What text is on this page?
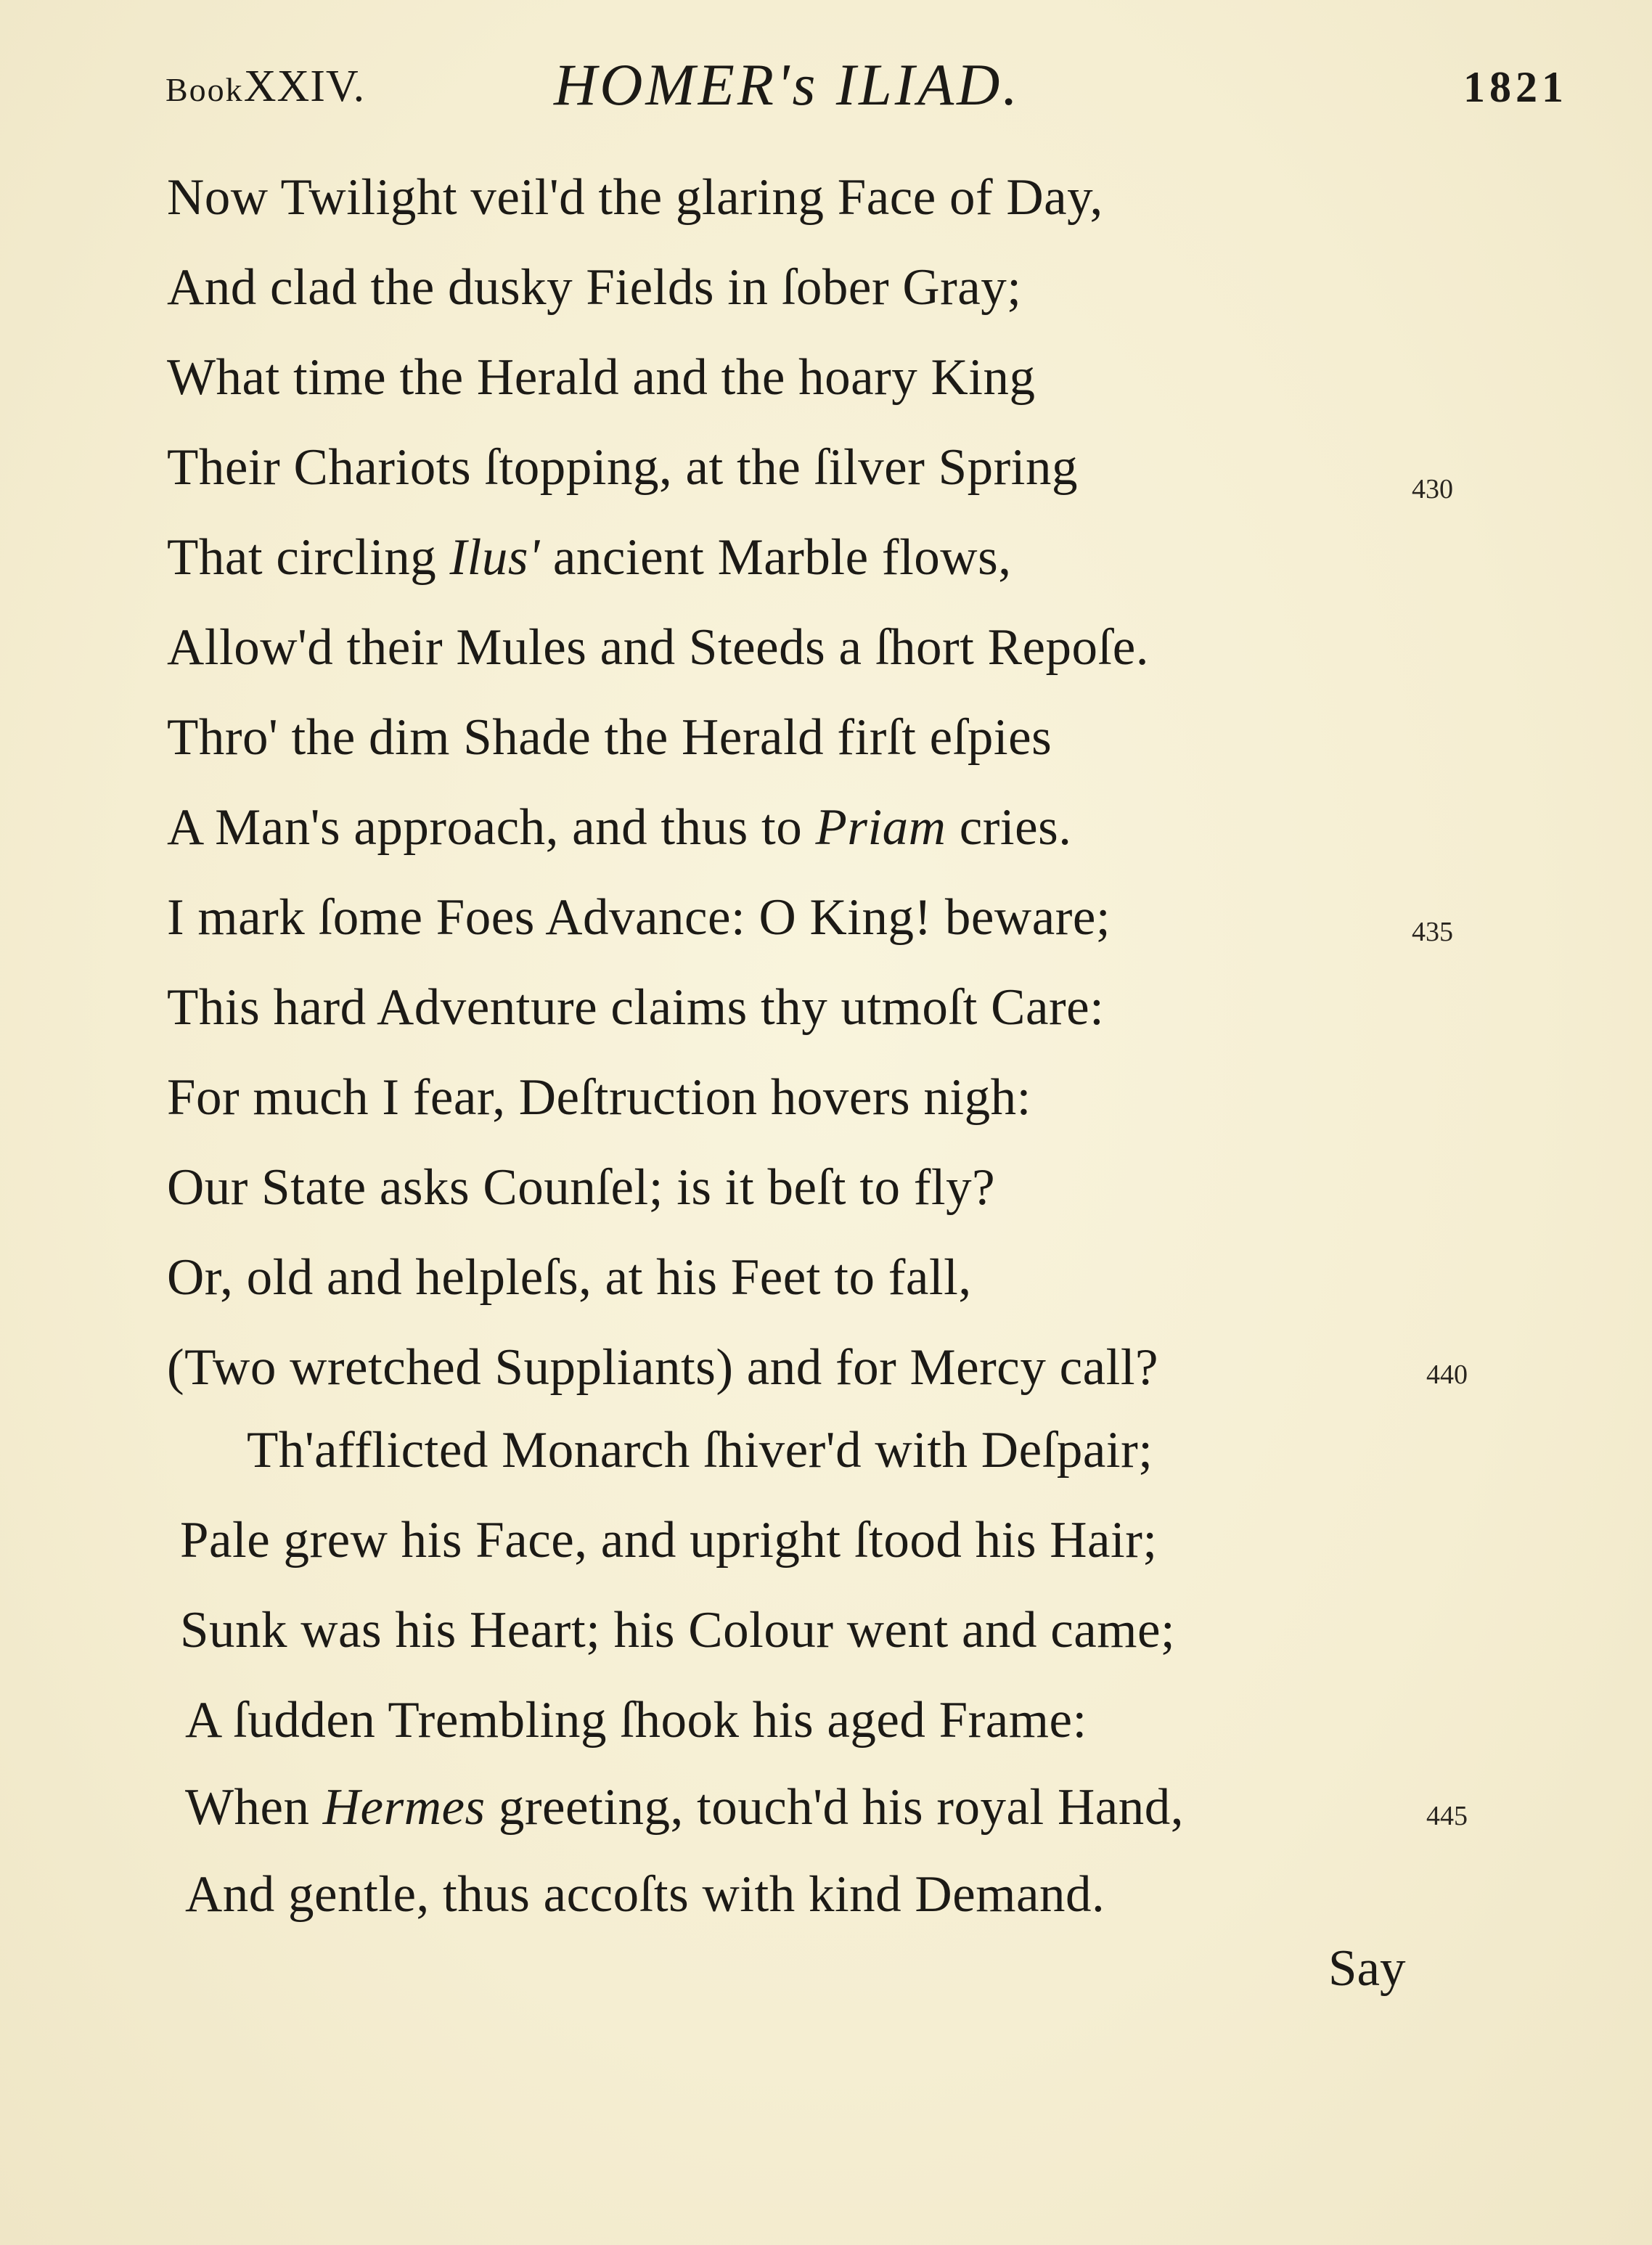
BookXXIV.	HOMER's ILIAD.	1821
Now Twilight veil'd the glaring Face of Day,
And clad the dusky Fields in ſober Gray;
What time the Herald and the hoary King
Their Chariots ſtopping, at the ſilver Spring
That circling Ilus' ancient Marble flows,
Allow'd their Mules and Steeds a ſhort Repoſe.
Thro' the dim Shade the Herald firſt eſpies
A Man's approach, and thus to Priam cries.
I mark ſome Foes Advance: O King! beware;
This hard Adventure claims thy utmoſt Care:
For much I fear, Deſtruction hovers nigh:
Our State asks Counſel; is it beſt to fly?
Or, old and helpleſs, at his Feet to fall,
(Two wretched Suppliants) and for Mercy call?
Th'afflicted Monarch ſhiver'd with Deſpair;
Pale grew his Face, and upright ſtood his Hair;
Sunk was his Heart; his Colour went and came;
A ſudden Trembling ſhook his aged Frame:
When Hermes greeting, touch'd his royal Hand,
And gentle, thus accoſts with kind Demand.
430
435
440
445
Say
